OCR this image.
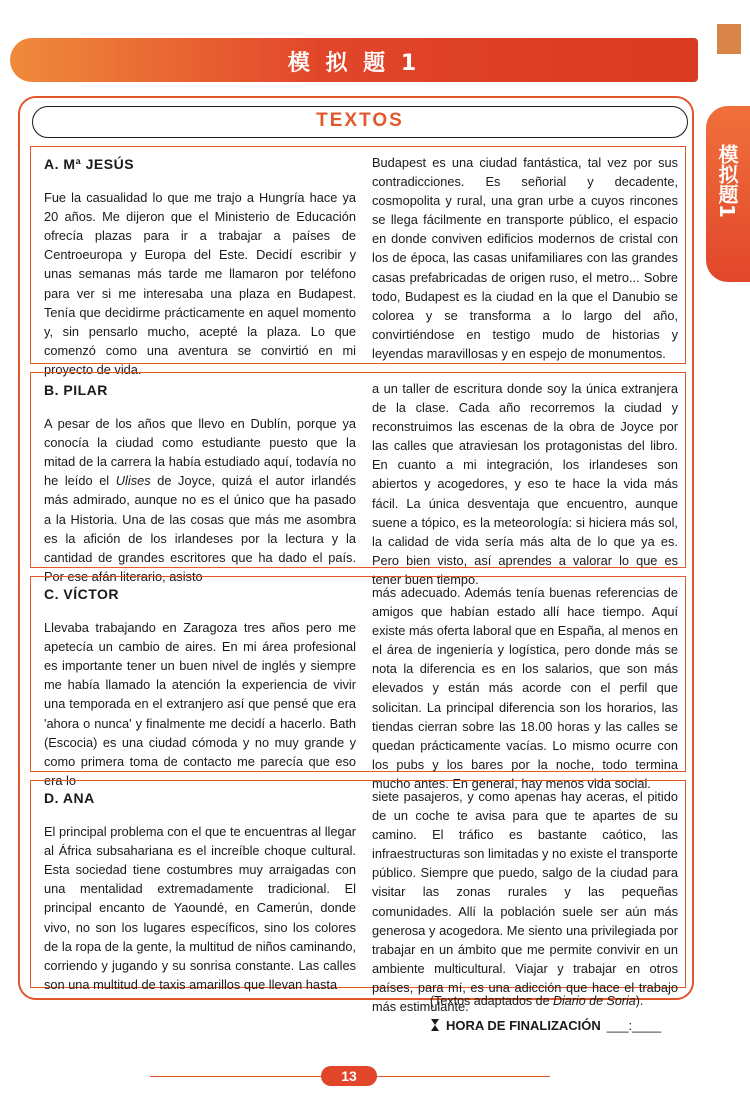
模 拟 题 1
模拟题1
TEXTOS
A. Mª JESÚS
Fue la casualidad lo que me trajo a Hungría hace ya 20 años. Me dijeron que el Ministerio de Educación ofrecía plazas para ir a trabajar a países de Centroeuropa y Europa del Este. Decidí escribir y unas semanas más tarde me llamaron por teléfono para ver si me interesaba una plaza en Budapest. Tenía que decidirme prácticamente en aquel momento y, sin pensarlo mucho, acepté la plaza. Lo que comenzó como una aventura se convirtió en mi proyecto de vida.

Budapest es una ciudad fantástica, tal vez por sus contradicciones. Es señorial y decadente, cosmopolita y rural, una gran urbe a cuyos rincones se llega fácilmente en transporte público, el espacio en donde conviven edificios modernos de cristal con los de época, las casas unifamiliares con las grandes casas prefabricadas de origen ruso, el metro... Sobre todo, Budapest es la ciudad en la que el Danubio se colorea y se transforma a lo largo del año, convirtiéndose en testigo mudo de historias y leyendas maravillosas y en espejo de monumentos.

B. PILAR
A pesar de los años que llevo en Dublín, porque ya conocía la ciudad como estudiante puesto que la mitad de la carrera la había estudiado aquí, todavía no he leído el Ulises de Joyce, quizá el autor irlandés más admirado, aunque no es el único que ha pasado a la Historia. Una de las cosas que más me asombra es la afición de los irlandeses por la lectura y la cantidad de grandes escritores que ha dado el país. Por ese afán literario, asisto

a un taller de escritura donde soy la única extranjera de la clase. Cada año recorremos la ciudad y reconstruimos las escenas de la obra de Joyce por las calles que atraviesan los protagonistas del libro. En cuanto a mi integración, los irlandeses son abiertos y acogedores, y eso te hace la vida más fácil. La única desventaja que encuentro, aunque suene a tópico, es la meteorología: si hiciera más sol, la calidad de vida sería más alta de lo que ya es. Pero bien visto, así aprendes a valorar lo que es tener buen tiempo.

C. VÍCTOR
Llevaba trabajando en Zaragoza tres años pero me apetecía un cambio de aires. En mi área profesional es importante tener un buen nivel de inglés y siempre me había llamado la atención la experiencia de vivir una temporada en el extranjero así que pensé que era 'ahora o nunca' y finalmente me decidí a hacerlo. Bath (Escocia) es una ciudad cómoda y no muy grande y como primera toma de contacto me parecía que eso era lo

más adecuado. Además tenía buenas referencias de amigos que habían estado allí hace tiempo. Aquí existe más oferta laboral que en España, al menos en el área de ingeniería y logística, pero donde más se nota la diferencia es en los salarios, que son más elevados y están más acorde con el perfil que solicitan. La principal diferencia son los horarios, las tiendas cierran sobre las 18.00 horas y las calles se quedan prácticamente vacías. Lo mismo ocurre con los pubs y los bares por la noche, todo termina mucho antes. En general, hay menos vida social.

D. ANA
El principal problema con el que te encuentras al llegar al África subsahariana es el increíble choque cultural. Esta sociedad tiene costumbres muy arraigadas con una mentalidad extremadamente tradicional. El principal encanto de Yaoundé, en Camerún, donde vivo, no son los lugares específicos, sino los colores de la ropa de la gente, la multitud de niños caminando, corriendo y jugando y su sonrisa constante. Las calles son una multitud de taxis amarillos que llevan hasta

siete pasajeros, y como apenas hay aceras, el pitido de un coche te avisa para que te apartes de su camino. El tráfico es bastante caótico, las infraestructuras son limitadas y no existe el transporte público. Siempre que puedo, salgo de la ciudad para visitar las zonas rurales y las pequeñas comunidades. Allí la población suele ser aún más generosa y acogedora. Me siento una privilegiada por trabajar en un ámbito que me permite convivir en un ambiente multicultural. Viajar y trabajar en otros países, para mí, es una adicción que hace el trabajo más estimulante.

(Textos adaptados de Diario de Soria).
HORA DE FINALIZACIÓN ___:____
13
